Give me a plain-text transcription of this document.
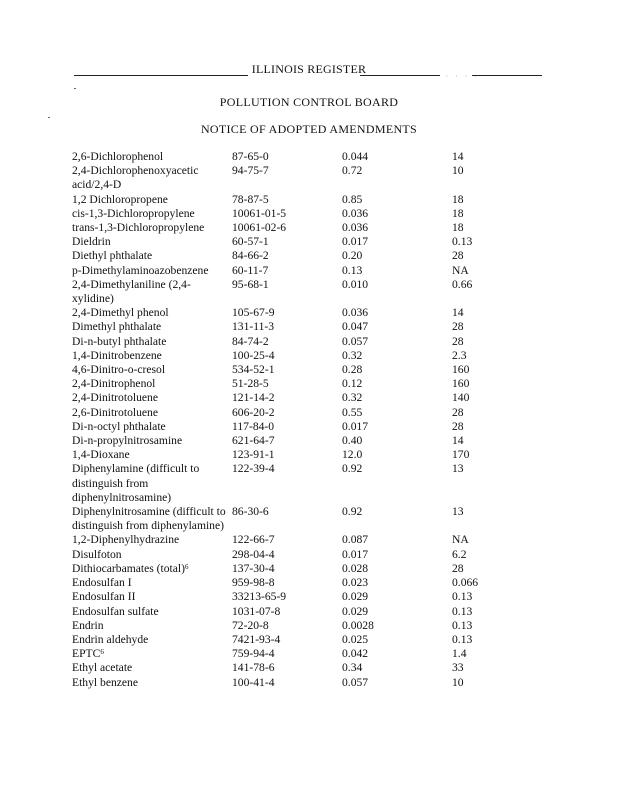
· · · ·
ILLINOIS REGISTER
POLLUTION CONTROL BOARD
NOTICE OF ADOPTED AMENDMENTS
2,6-Dichlorophenol	87-65-0	0.044	14
2,4-Dichlorophenoxyacetic acid/2,4-D	94-75-7	0.72	10
1,2 Dichloropropene	78-87-5	0.85	18
cis-1,3-Dichloropropylene	10061-01-5	0.036	18
trans-1,3-Dichloropropylene	10061-02-6	0.036	18
Dieldrin	60-57-1	0.017	0.13
Diethyl phthalate	84-66-2	0.20	28
p-Dimethylaminoazobenzene	60-11-7	0.13	NA
2,4-Dimethylaniline (2,4-xylidine)	95-68-1	0.010	0.66
2,4-Dimethyl phenol	105-67-9	0.036	14
Dimethyl phthalate	131-11-3	0.047	28
Di-n-butyl phthalate	84-74-2	0.057	28
1,4-Dinitrobenzene	100-25-4	0.32	2.3
4,6-Dinitro-o-cresol	534-52-1	0.28	160
2,4-Dinitrophenol	51-28-5	0.12	160
2,4-Dinitrotoluene	121-14-2	0.32	140
2,6-Dinitrotoluene	606-20-2	0.55	28
Di-n-octyl phthalate	117-84-0	0.017	28
Di-n-propylnitrosamine	621-64-7	0.40	14
1,4-Dioxane	123-91-1	12.0	170
Diphenylamine (difficult to distinguish from diphenylnitrosamine)	122-39-4	0.92	13
Diphenylnitrosamine (difficult to distinguish from diphenylamine)	86-30-6	0.92	13
1,2-Diphenylhydrazine	122-66-7	0.087	NA
Disulfoton	298-04-4	0.017	6.2
Dithiocarbamates (total)$^6$	137-30-4	0.028	28
Endosulfan I	959-98-8	0.023	0.066
Endosulfan II	33213-65-9	0.029	0.13
Endosulfan sulfate	1031-07-8	0.029	0.13
Endrin	72-20-8	0.0028	0.13
Endrin aldehyde	7421-93-4	0.025	0.13
EPTC$^6$	759-94-4	0.042	1.4
Ethyl acetate	141-78-6	0.34	33
Ethyl benzene	100-41-4	0.057	10
